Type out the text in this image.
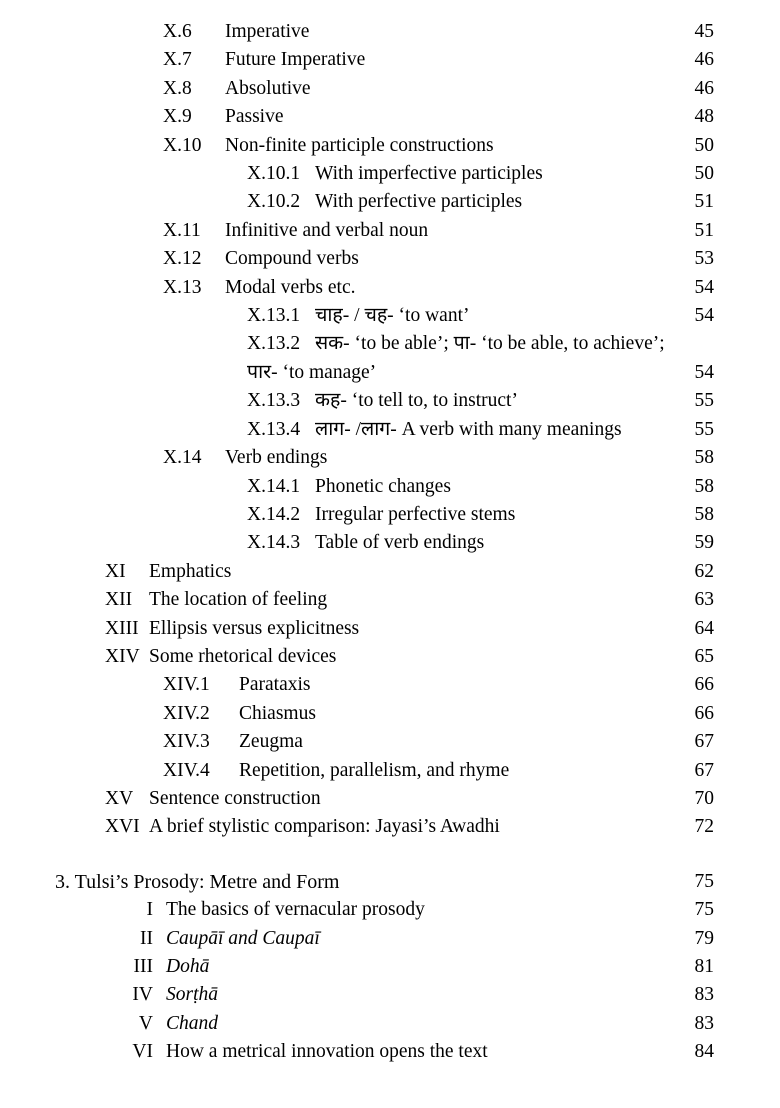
X.6	Imperative	45
X.7	Future Imperative	46
X.8	Absolutive	46
X.9	Passive	48
X.10	Non-finite participle constructions	50
X.10.1 With imperfective participles	50
X.10.2 With perfective participles	51
X.11	Infinitive and verbal noun	51
X.12	Compound verbs	53
X.13	Modal verbs etc.	54
X.13.1 चाह- / चह- ‘to want’	54
X.13.2 सक- ‘to be able’; पा- ‘to be able, to achieve’;
पार- ‘to manage’	54
X.13.3 कह- ‘to tell to, to instruct’	55
X.13.4 लाग- /लाग- A verb with many meanings	55
X.14	Verb endings	58
X.14.1 Phonetic changes	58
X.14.2 Irregular perfective stems	58
X.14.3 Table of verb endings	59
XI	Emphatics	62
XII The location of feeling	63
XIII Ellipsis versus explicitness	64
XIV Some rhetorical devices	65
XIV.1	Parataxis	66
XIV.2	Chiasmus	66
XIV.3	Zeugma	67
XIV.4	Repetition, parallelism, and rhyme	67
XV Sentence construction	70
XVI A brief stylistic comparison: Jayasi’s Awadhi	72
3. Tulsi’s Prosody: Metre and Form	75
I The basics of vernacular prosody	75
II Caupāī and Caupaī	79
III Dohā	81
IV Sorṭhā	83
V Chand	83
VI How a metrical innovation opens the text	84
